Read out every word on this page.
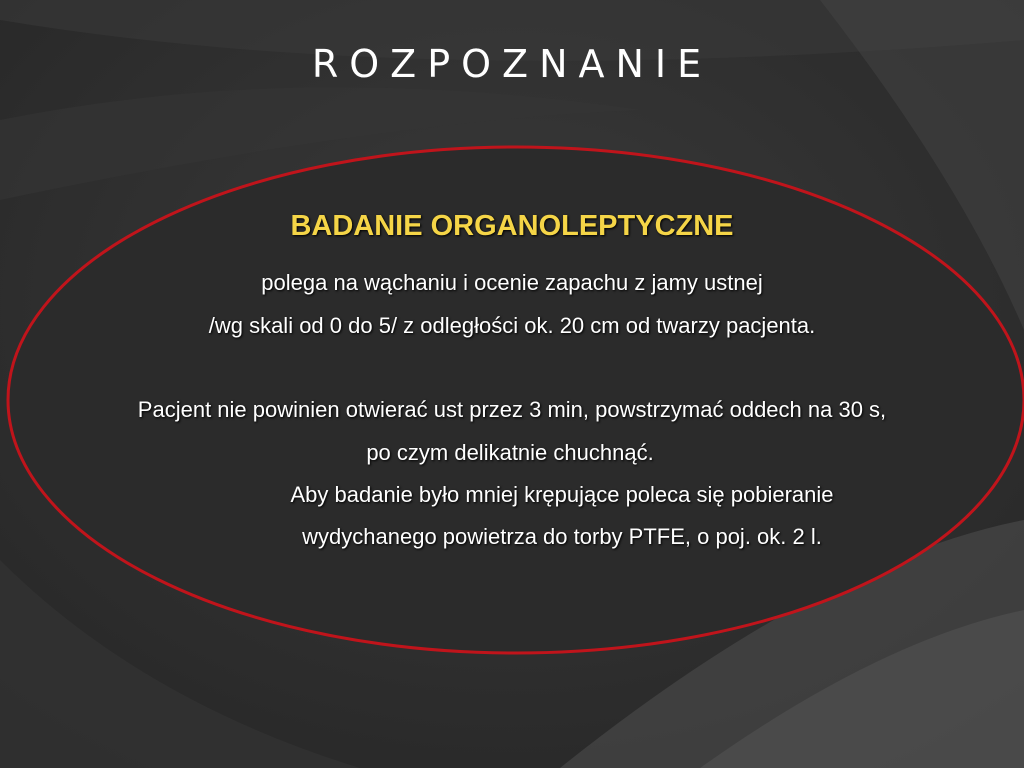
ROZPOZNANIE
BADANIE ORGANOLEPTYCZNE
polega na wąchaniu i ocenie zapachu z jamy ustnej
/wg skali od 0 do 5/ z odległości ok. 20 cm od twarzy pacjenta.
Pacjent nie powinien otwierać ust przez 3 min, powstrzymać oddech na 30 s,
po czym delikatnie chuchnąć.
Aby badanie było mniej krępujące poleca się pobieranie
wydychanego powietrza do torby PTFE, o poj. ok. 2 l.
